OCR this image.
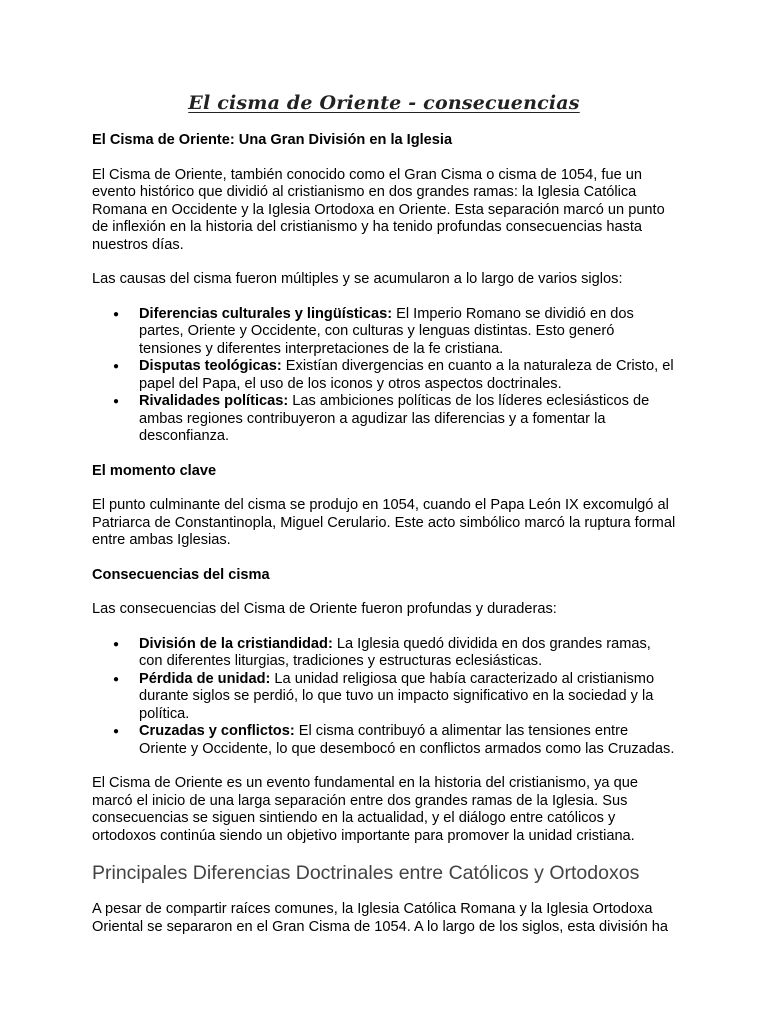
El cisma de Oriente - consecuencias

El Cisma de Oriente: Una Gran División en la Iglesia

El Cisma de Oriente, también conocido como el Gran Cisma o cisma de 1054, fue un evento histórico que dividió al cristianismo en dos grandes ramas: la Iglesia Católica Romana en Occidente y la Iglesia Ortodoxa en Oriente. Esta separación marcó un punto de inflexión en la historia del cristianismo y ha tenido profundas consecuencias hasta nuestros días.

Las causas del cisma fueron múltiples y se acumularon a lo largo de varios siglos:

● Diferencias culturales y lingüísticas: El Imperio Romano se dividió en dos partes, Oriente y Occidente, con culturas y lenguas distintas. Esto generó tensiones y diferentes interpretaciones de la fe cristiana.
● Disputas teológicas: Existían divergencias en cuanto a la naturaleza de Cristo, el papel del Papa, el uso de los iconos y otros aspectos doctrinales.
● Rivalidades políticas: Las ambiciones políticas de los líderes eclesiásticos de ambas regiones contribuyeron a agudizar las diferencias y a fomentar la desconfianza.

El momento clave

El punto culminante del cisma se produjo en 1054, cuando el Papa León IX excomulgó al Patriarca de Constantinopla, Miguel Cerulario. Este acto simbólico marcó la ruptura formal entre ambas Iglesias.

Consecuencias del cisma

Las consecuencias del Cisma de Oriente fueron profundas y duraderas:

● División de la cristiandidad: La Iglesia quedó dividida en dos grandes ramas, con diferentes liturgias, tradiciones y estructuras eclesiásticas.
● Pérdida de unidad: La unidad religiosa que había caracterizado al cristianismo durante siglos se perdió, lo que tuvo un impacto significativo en la sociedad y la política.
● Cruzadas y conflictos: El cisma contribuyó a alimentar las tensiones entre Oriente y Occidente, lo que desembocó en conflictos armados como las Cruzadas.

El Cisma de Oriente es un evento fundamental en la historia del cristianismo, ya que marcó el inicio de una larga separación entre dos grandes ramas de la Iglesia. Sus consecuencias se siguen sintiendo en la actualidad, y el diálogo entre católicos y ortodoxos continúa siendo un objetivo importante para promover la unidad cristiana.

Principales Diferencias Doctrinales entre Católicos y Ortodoxos

A pesar de compartir raíces comunes, la Iglesia Católica Romana y la Iglesia Ortodoxa Oriental se separaron en el Gran Cisma de 1054. A lo largo de los siglos, esta división ha
